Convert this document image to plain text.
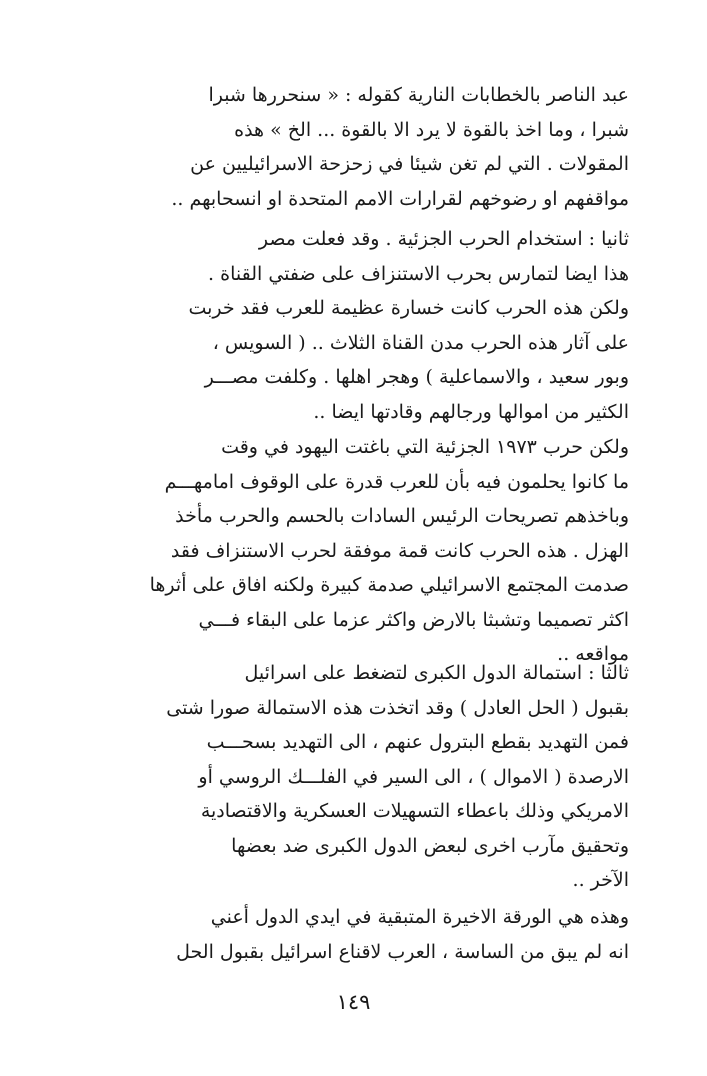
عبد الناصر بالخطابات النارية كقوله : « سنحررها شبرا
شبرا ، وما اخذ بالقوة لا يرد الا بالقوة ... الخ » هذه
المقولات . التي لم تغن شيئا في زحزحة الاسرائيليين عن
مواقفهم او رضوخهم لقرارات الامم المتحدة او انسحابهم ..
ثانيا : استخدام الحرب الجزئية . وقد فعلت مصر
هذا ايضا لتمارس بحرب الاستنزاف على ضفتي القناة .
ولكن هذه الحرب كانت خسارة عظيمة للعرب فقد خربت
على آثار هذه الحرب مدن القناة الثلاث .. ( السويس ،
وبور سعيد ، والاسماعلية ) وهجر اهلها . وكلفت مصـــر
الكثير من اموالها ورجالهم وقادتها ايضا ..
ولكن حرب ١٩٧٣ الجزئية التي باغتت اليهود في وقت
ما كانوا يحلمون فيه بأن للعرب قدرة على الوقوف امامهـــم
وباخذهم تصريحات الرئيس السادات بالحسم والحرب مأخذ
الهزل . هذه الحرب كانت قمة موفقة لحرب الاستنزاف فقد
صدمت المجتمع الاسرائيلي صدمة كبيرة ولكنه افاق على أثرها
اكثر تصميما وتشبثا بالارض واكثر عزما على البقاء فـــي
مواقعه ..
ثالثا : استمالة الدول الكبرى لتضغط على اسرائيل
بقبول ( الحل العادل ) وقد اتخذت هذه الاستمالة صورا شتى
فمن التهديد بقطع البترول عنهم ، الى التهديد بسحـــب
الارصدة ( الاموال ) ، الى السير في الفلـــك الروسي أو
الامريكي وذلك باعطاء التسهيلات العسكرية والاقتصادية
وتحقيق مآرب اخرى لبعض الدول الكبرى ضد بعضها
الآخر ..
وهذه هي الورقة الاخيرة المتبقية في ايدي الدول أعني
انه لم يبق من الساسة ، العرب لاقناع اسرائيل بقبول الحل
١٤٩
